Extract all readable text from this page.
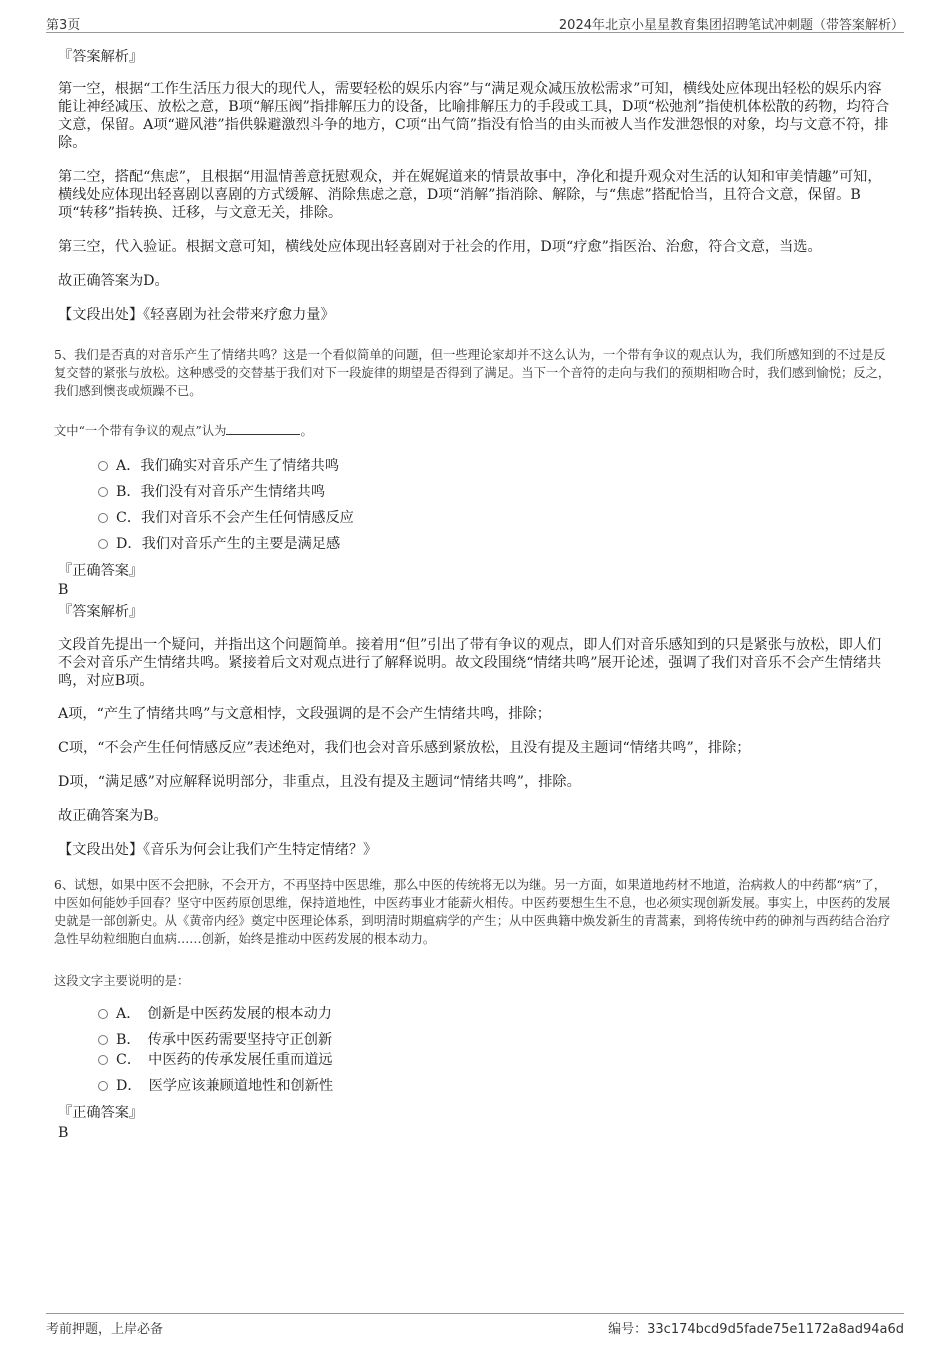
第3页	2024年北京小星星教育集团招聘笔试冲刺题（带答案解析）

『答案解析』

第一空，根据“工作生活压力很大的现代人，需要轻松的娱乐内容”与“满足观众减压放松需求”可知，横线处应体现出轻松的娱乐内容能让神经减压、放松之意，B项“解压阀”指排解压力的设备，比喻排解压力的手段或工具，D项“松弛剂”指使机体松散的药物，均符合文意，保留。A项“避风港”指供躲避激烈斗争的地方，C项“出气筒”指没有恰当的由头而被人当作发泄怨恨的对象，均与文意不符，排除。

第二空，搭配“焦虑”，且根据“用温情善意抚慰观众，并在娓娓道来的情景故事中，净化和提升观众对生活的认知和审美情趣”可知，横线处应体现出轻喜剧以喜剧的方式缓解、消除焦虑之意，D项“消解”指消除、解除，与“焦虑”搭配恰当，且符合文意，保留。B项“转移”指转换、迁移，与文意无关，排除。

第三空，代入验证。根据文意可知，横线处应体现出轻喜剧对于社会的作用，D项“疗愈”指医治、治愈，符合文意，当选。

故正确答案为D。

【文段出处】《轻喜剧为社会带来疗愈力量》

5、我们是否真的对音乐产生了情绪共鸣？这是一个看似简单的问题，但一些理论家却并不这么认为，一个带有争议的观点认为，我们所感知到的不过是反复交替的紧张与放松。这种感受的交替基于我们对下一段旋律的期望是否得到了满足。当下一个音符的走向与我们的预期相吻合时，我们感到愉悦；反之，我们感到懊丧或烦躁不已。

文中“一个带有争议的观点”认为	。

A．我们确实对音乐产生了情绪共鸣
B．我们没有对音乐产生情绪共鸣
C．我们对音乐不会产生任何情感反应
D．我们对音乐产生的主要是满足感

『正确答案』

B

『答案解析』

文段首先提出一个疑问，并指出这个问题简单。接着用“但”引出了带有争议的观点，即人们对音乐感知到的只是紧张与放松，即人们不会对音乐产生情绪共鸣。紧接着后文对观点进行了解释说明。故文段围绕“情绪共鸣”展开论述，强调了我们对音乐不会产生情绪共鸣，对应B项。

A项，“产生了情绪共鸣”与文意相悖，文段强调的是不会产生情绪共鸣，排除；

C项，“不会产生任何情感反应”表述绝对，我们也会对音乐感到紧放松，且没有提及主题词“情绪共鸣”，排除；

D项，“满足感”对应解释说明部分，非重点，且没有提及主题词“情绪共鸣”，排除。

故正确答案为B。

【文段出处】《音乐为何会让我们产生特定情绪？》

6、试想，如果中医不会把脉，不会开方，不再坚持中医思维，那么中医的传统将无以为继。另一方面，如果道地药材不地道，治病救人的中药都“病”了，中医如何能妙手回春？坚守中医药原创思维，保持道地性，中医药事业才能薪火相传。中医药要想生生不息，也必须实现创新发展。事实上，中医药的发展史就是一部创新史。从《黄帝内经》奠定中医理论体系，到明清时期瘟病学的产生；从中医典籍中焕发新生的青蒿素，到将传统中药的砷剂与西药结合治疗急性早幼粒细胞白血病……创新，始终是推动中医药发展的根本动力。

这段文字主要说明的是：

A．　创新是中医药发展的根本动力
B．　传承中医药需要坚持守正创新
C．　中医药的传承发展任重而道远
D．　医学应该兼顾道地性和创新性

『正确答案』

B

考前押题，上岸必备	编号：33c174bcd9d5fade75e1172a8ad94a6d
